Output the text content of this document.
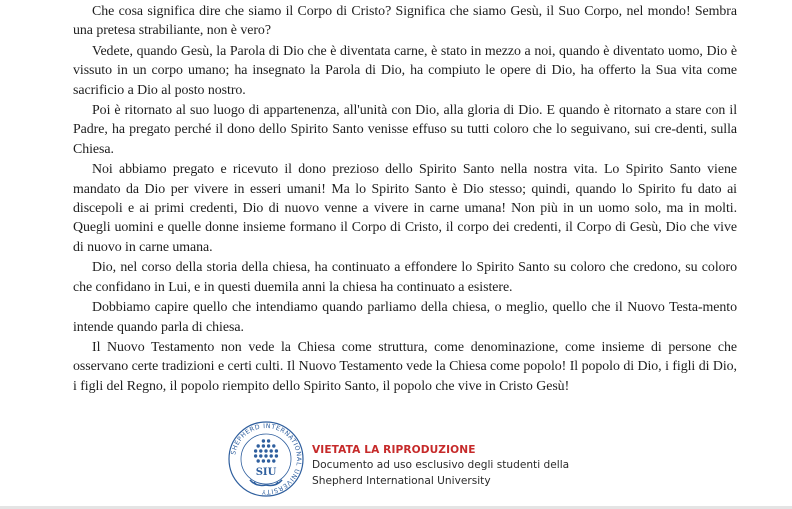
Che cosa significa dire che siamo il Corpo di Cristo? Significa che siamo Gesù, il Suo Corpo, nel mondo! Sembra una pretesa strabiliante, non è vero?

Vedete, quando Gesù, la Parola di Dio che è diventata carne, è stato in mezzo a noi, quando è diventato uomo, Dio è vissuto in un corpo umano; ha insegnato la Parola di Dio, ha compiuto le opere di Dio, ha offerto la Sua vita come sacrificio a Dio al posto nostro.

Poi è ritornato al suo luogo di appartenenza, all'unità con Dio, alla gloria di Dio. E quando è ritornato a stare con il Padre, ha pregato perché il dono dello Spirito Santo venisse effuso su tutti coloro che lo seguivano, sui cre-denti, sulla Chiesa.

Noi abbiamo pregato e ricevuto il dono prezioso dello Spirito Santo nella nostra vita. Lo Spirito Santo viene mandato da Dio per vivere in esseri umani! Ma lo Spirito Santo è Dio stesso; quindi, quando lo Spirito fu dato ai discepoli e ai primi credenti, Dio di nuovo venne a vivere in carne umana! Non più in un uomo solo, ma in molti. Quegli uomini e quelle donne insieme formano il Corpo di Cristo, il corpo dei credenti, il Corpo di Gesù, Dio che vive di nuovo in carne umana.

Dio, nel corso della storia della chiesa, ha continuato a effondere lo Spirito Santo su coloro che credono, su coloro che confidano in Lui, e in questi duemila anni la chiesa ha continuato a esistere.

Dobbiamo capire quello che intendiamo quando parliamo della chiesa, o meglio, quello che il Nuovo Testa-mento intende quando parla di chiesa.

Il Nuovo Testamento non vede la Chiesa come struttura, come denominazione, come insieme di persone che osservano certe tradizioni e certi culti. Il Nuovo Testamento vede la Chiesa come popolo! Il popolo di Dio, i figli di Dio, i figli del Regno, il popolo riempito dello Spirito Santo, il popolo che vive in Cristo Gesù!

SHEPHERD INTERNATIONAL UNIVERSITY
SIU
VIETATA LA RIPRODUZIONE
Documento ad uso esclusivo degli studenti della
Shepherd International University
